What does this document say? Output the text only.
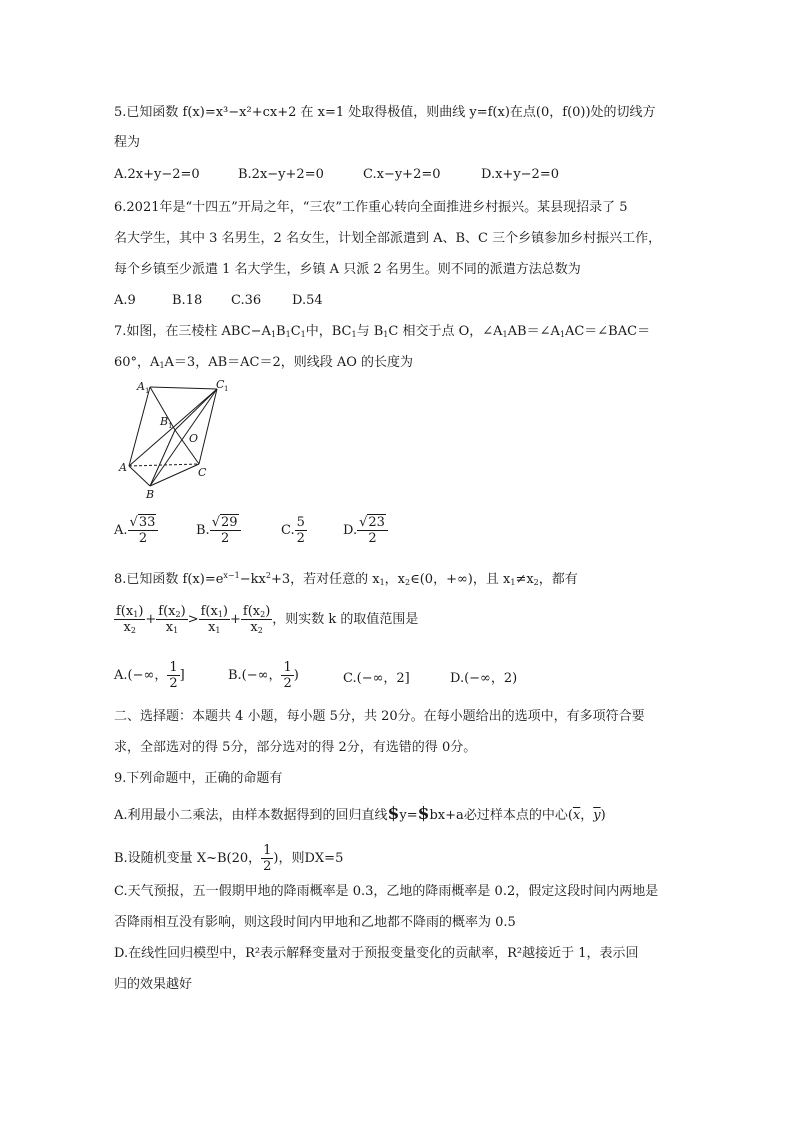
5.已知函数 f(x)=x³−x²+cx+2 在 x=1 处取得极值，则曲线 y=f(x)在点(0，f(0))处的切线方
程为
A.2x+y−2=0	B.2x−y+2=0	C.x−y+2=0	D.x+y−2=0
6.2021年是“十四五”开局之年，“三农”工作重心转向全面推进乡村振兴。某县现招录了 5
名大学生，其中 3 名男生，2 名女生，计划全部派遣到 A、B、C 三个乡镇参加乡村振兴工作，
每个乡镇至少派遣 1 名大学生，乡镇 A 只派 2 名男生。则不同的派遣方法总数为
A.9	B.18 C.36 D.54
7.如图，在三棱柱 $ABC-A_1B_1C_1$中，$BC_1$与 $B_1C$ 相交于点 O，$\angle A_1AB=\angle A_1AC=\angle BAC=$
60°，$A_1A=3$，AB＝AC＝2，则线段 AO 的长度为
A 1	C 1
B 1
O
A	C
B
A. $\frac{√33}{2}$	B. $\frac{√29}{2}$	C. $\frac{5}{2}$	D. $\frac{√23}{2}$
8.已知函数 $f(x)=e^{x-1}-kx^2+3$，若对任意的 $x_1$，$x_2\in(0$，+∞)，且 $x_1\ne x_2$，都有
$\frac{f(x_1)}{x_2} + \frac{f(x_2)}{x_1} > \frac{f(x_1)}{x_1} + \frac{f(x_2)}{x_2}$ ，则实数 k 的取值范围是
A.(−∞， $\frac{1}{2}$ ]	B.(−∞， $\frac{1}{2}$ )	C.(−∞，2]	D.(−∞，2)
二、选择题：本题共 4 小题，每小题 5分，共 20分。在每小题给出的选项中，有多项符合要
求，全部选对的得 5分，部分选对的得 2分，有选错的得 0分。
9.下列命题中，正确的命题有
A.利用最小二乘法，由样本数据得到的回归直线$y=$bx+a必过样本点的中心($\overline{x}$，$\overline{y}$)
B.设随机变量 X~B(20， $\frac{1}{2}$ )，则DX=5
C.天气预报，五一假期甲地的降雨概率是 0.3，乙地的降雨概率是 0.2，假定这段时间内两地是
否降雨相互没有影响，则这段时间内甲地和乙地都不降雨的概率为 0.5
D.在线性回归模型中，R²表示解释变量对于预报变量变化的贡献率，R²越接近于 1，表示回
归的效果越好
